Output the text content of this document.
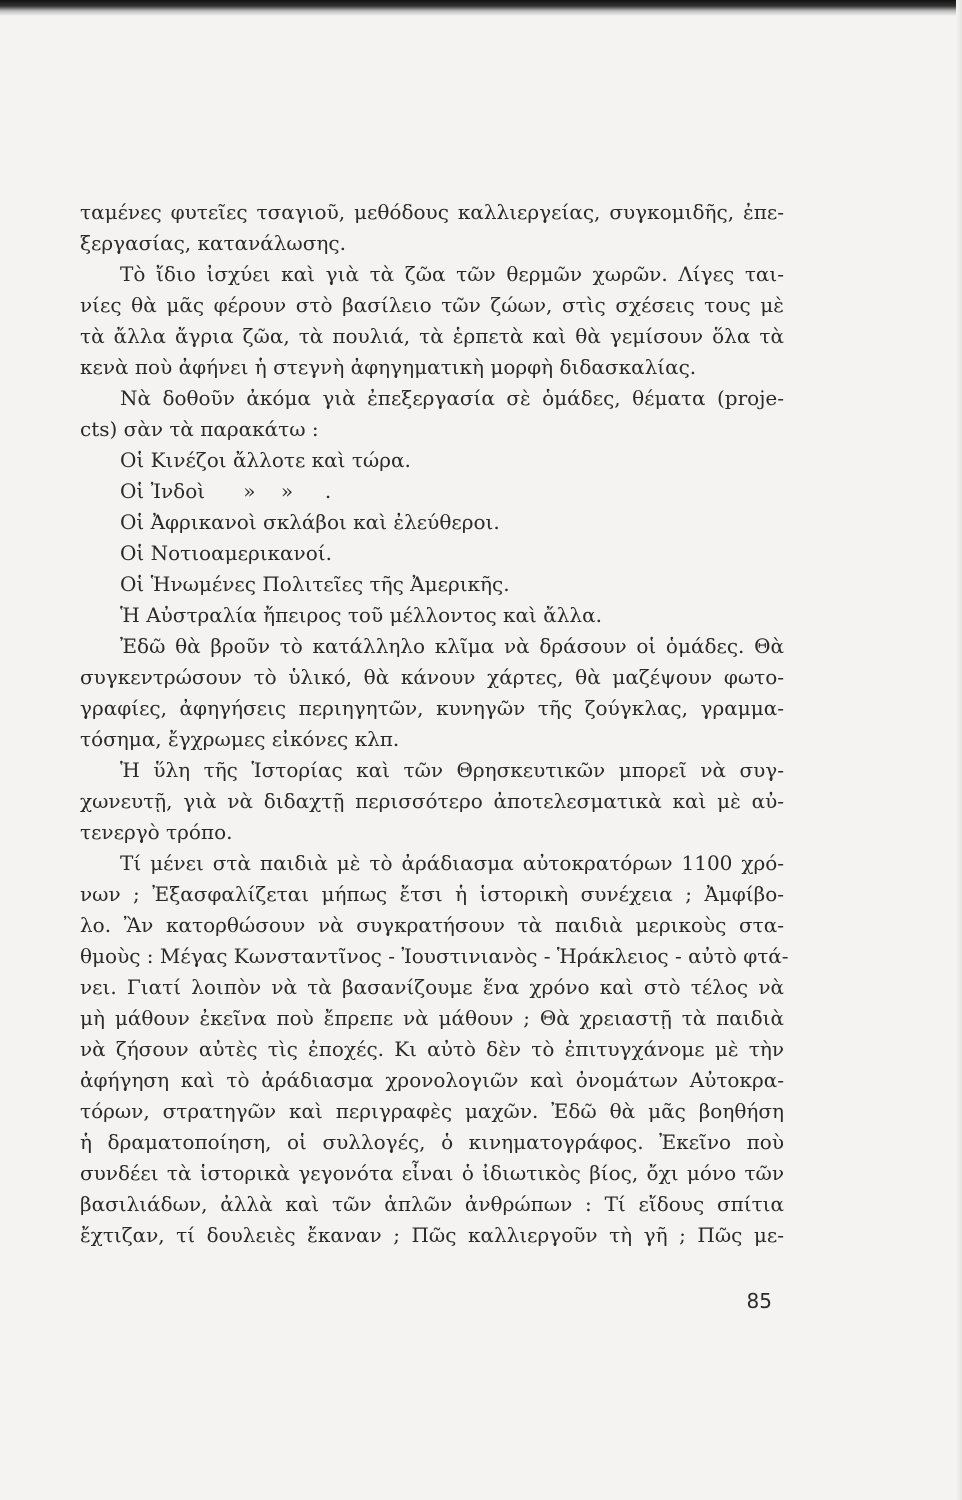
ταμένες φυτεῖες τσαγιοῦ, μεθόδους καλλιεργείας, συγκομιδῆς, ἐπε-
ξεργασίας, κατανάλωσης.
Τὸ ἴδιο ἰσχύει καὶ γιὰ τὰ ζῶα τῶν θερμῶν χωρῶν. Λίγες ται-
νίες θὰ μᾶς φέρουν στὸ βασίλειο τῶν ζώων, στὶς σχέσεις τους μὲ
τὰ ἄλλα ἄγρια ζῶα, τὰ πουλιά, τὰ ἑρπετὰ καὶ θὰ γεμίσουν ὅλα τὰ
κενὰ ποὺ ἀφήνει ἡ στεγνὴ ἀφηγηματικὴ μορφὴ διδασκαλίας.
Νὰ δοθοῦν ἀκόμα γιὰ ἐπεξεργασία σὲ ὁμάδες, θέματα (proje-
cts) σὰν τὰ παρακάτω :
Οἱ Κινέζοι ἄλλοτε καὶ τώρα.
Οἱ Ἰνδοὶ      »    »     .
Οἱ Ἀφρικανοὶ σκλάβοι καὶ ἐλεύθεροι.
Οἱ Νοτιοαμερικανοί.
Οἱ Ἡνωμένες Πολιτεῖες τῆς Ἀμερικῆς.
Ἡ Αὐστραλία ἤπειρος τοῦ μέλλοντος καὶ ἄλλα.
Ἐδῶ θὰ βροῦν τὸ κατάλληλο κλῖμα νὰ δράσουν οἱ ὁμάδες. Θὰ
συγκεντρώσουν τὸ ὑλικό, θὰ κάνουν χάρτες, θὰ μαζέψουν φωτο-
γραφίες, ἀφηγήσεις περιηγητῶν, κυνηγῶν τῆς ζούγκλας, γραμμα-
τόσημα, ἔγχρωμες εἰκόνες κλπ.
Ἡ ὕλη τῆς Ἱστορίας καὶ τῶν Θρησκευτικῶν μπορεῖ νὰ συγ-
χωνευτῇ, γιὰ νὰ διδαχτῇ περισσότερο ἀποτελεσματικὰ καὶ μὲ αὐ-
τενεργὸ τρόπο.
Τί μένει στὰ παιδιὰ μὲ τὸ ἀράδιασμα αὐτοκρατόρων 1100 χρό-
νων ; Ἐξασφαλίζεται μήπως ἔτσι ἡ ἱστορικὴ συνέχεια ; Ἀμφίβο-
λο. Ἂν κατορθώσουν νὰ συγκρατήσουν τὰ παιδιὰ μερικοὺς στα-
θμοὺς : Μέγας Κωνσταντῖνος - Ἰουστινιανὸς - Ἡράκλειος - αὐτὸ φτά-
νει. Γιατί λοιπὸν νὰ τὰ βασανίζουμε ἕνα χρόνο καὶ στὸ τέλος νὰ
μὴ μάθουν ἐκεῖνα ποὺ ἔπρεπε νὰ μάθουν ; Θὰ χρειαστῇ τὰ παιδιὰ
νὰ ζήσουν αὐτὲς τὶς ἐποχές. Κι αὐτὸ δὲν τὸ ἐπιτυγχάνομε μὲ τὴν
ἀφήγηση καὶ τὸ ἀράδιασμα χρονολογιῶν καὶ ὀνομάτων Αὐτοκρα-
τόρων, στρατηγῶν καὶ περιγραφὲς μαχῶν. Ἐδῶ θὰ μᾶς βοηθήση
ἡ δραματοποίηση, οἱ συλλογές, ὁ κινηματογράφος. Ἐκεῖνο ποὺ
συνδέει τὰ ἱστορικὰ γεγονότα εἶναι ὁ ἰδιωτικὸς βίος, ὄχι μόνο τῶν
βασιλιάδων, ἀλλὰ καὶ τῶν ἁπλῶν ἀνθρώπων : Τί εἴδους σπίτια
ἔχτιζαν, τί δουλειὲς ἔκαναν ; Πῶς καλλιεργοῦν τὴ γῆ ; Πῶς με-
85
